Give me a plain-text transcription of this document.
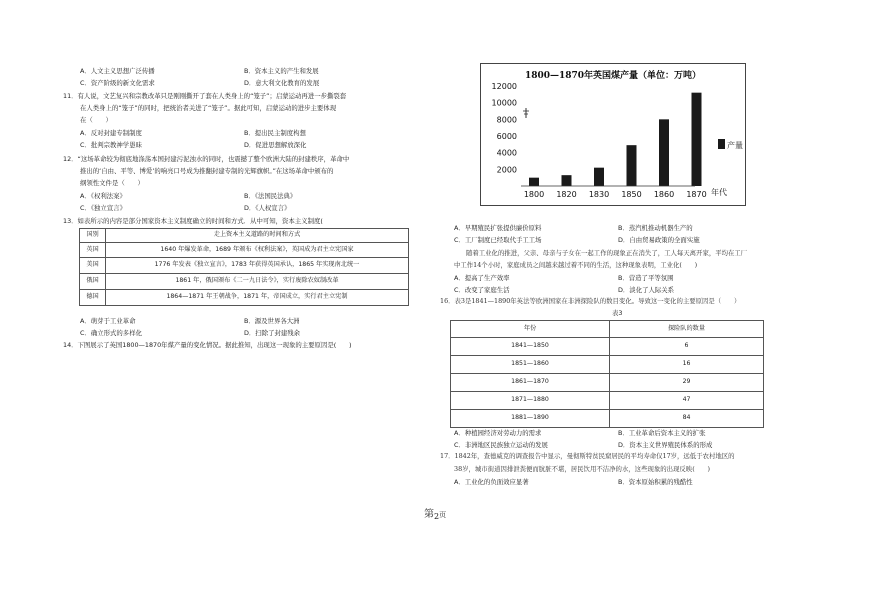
A．人文主义思想广泛传播	B．资本主义的产生和发展
C．资产阶级的新文化需求	D．意大利文化教育的发展
11．有人说，文艺复兴和宗教改革只是刚刚撕开了套在人类身上的“笼子”；启蒙运动再进一步撕裂套
在人类身上的“笼子”的同时，把统治者关进了“笼子”。据此可知，启蒙运动的进步主要体现
在（　　）
A．反对封建专制制度	B．提出民主制度构想
C．批判宗教神学愚昧	D．促进思想解放深化
12．“这场革命较为彻底地涤荡本国封建污泥浊水的同时，也震撼了整个欧洲大陆的封建秩序，革命中
推出的‘自由、平等、博爱’的响亮口号成为推翻封建专制的光辉旗帜。”在这场革命中颁布的
纲领性文件是（　　）
A．《权利法案》	B．《法国民法典》
C．《独立宣言》	D．《人权宣言》
13．如表所示的内容是部分国家资本主义制度确立的时间和方式．从中可知，资本主义制度(
国别	走上资本主义道路的时间和方式
英国	1640 年爆发革命，1689 年颁布《权利法案》，英国成为君主立宪国家
美国	1776 年发表《独立宣言》，1783 年获得英国承认，1865 年实现南北统一
俄国	1861 年，俄国颁布《二一九日法令》，实行废除农奴制改革
德国	1864—1871 年王朝战争，1871 年，帝国成立，实行君主立宪制
A．萌芽于工业革命	B．源及世界各大洲
C．确立形式的多样化	D．扫除了封建残余
14．下图展示了英国1800—1870年煤产量的变化情况。据此推知，出现这一现象的主要原因是(　　)
1800—1870年英国煤产量（单位：万吨）
12000
10000
8000
6000
4000
2000
1800 1820 1830 1850 1860 1870
产量
年代
A．早期殖民扩张提供廉价原料	B．蒸汽机推动机器生产的
C．工厂制度已经取代手工工场	D．自由贸易政策的全面实施
随着工业化的推进，父亲、母亲与子女在一起工作的现象正在消失了，工人每天离开家，平均在工厂
中工作14个小时，家庭成员之间越来越过着不同的生活，这种现象表明，工业化(　　)
A．提高了生产效率	B．营造了平等氛围
C．改变了家庭生活	D．淡化了人际关系
16．表3是1841—1890年英法等欧洲国家在非洲探险队的数目变化。导致这一变化的主要原因是（　　）
表3
年份	探险队的数量
1841—1850	6
1851—1860	16
1861—1870	29
1871—1880	47
1881—1890	84
A．种植园经济对劳动力的需求	B．工业革命后资本主义的扩张
C．非洲地区民族独立运动的发展	D．资本主义世界殖民体系的形成
17．1842年，查德威克的调查报告中显示，曼彻斯特贫民窟居民的平均寿命仅17岁，远低于农村地区的
38岁，城市街道因排泄粪便而肮脏不堪，居民饮用不洁净的水，这些现象的出现反映(　　)
A．工业化的负面效应显著	B．资本原始积累的残酷性
第$_2$页
